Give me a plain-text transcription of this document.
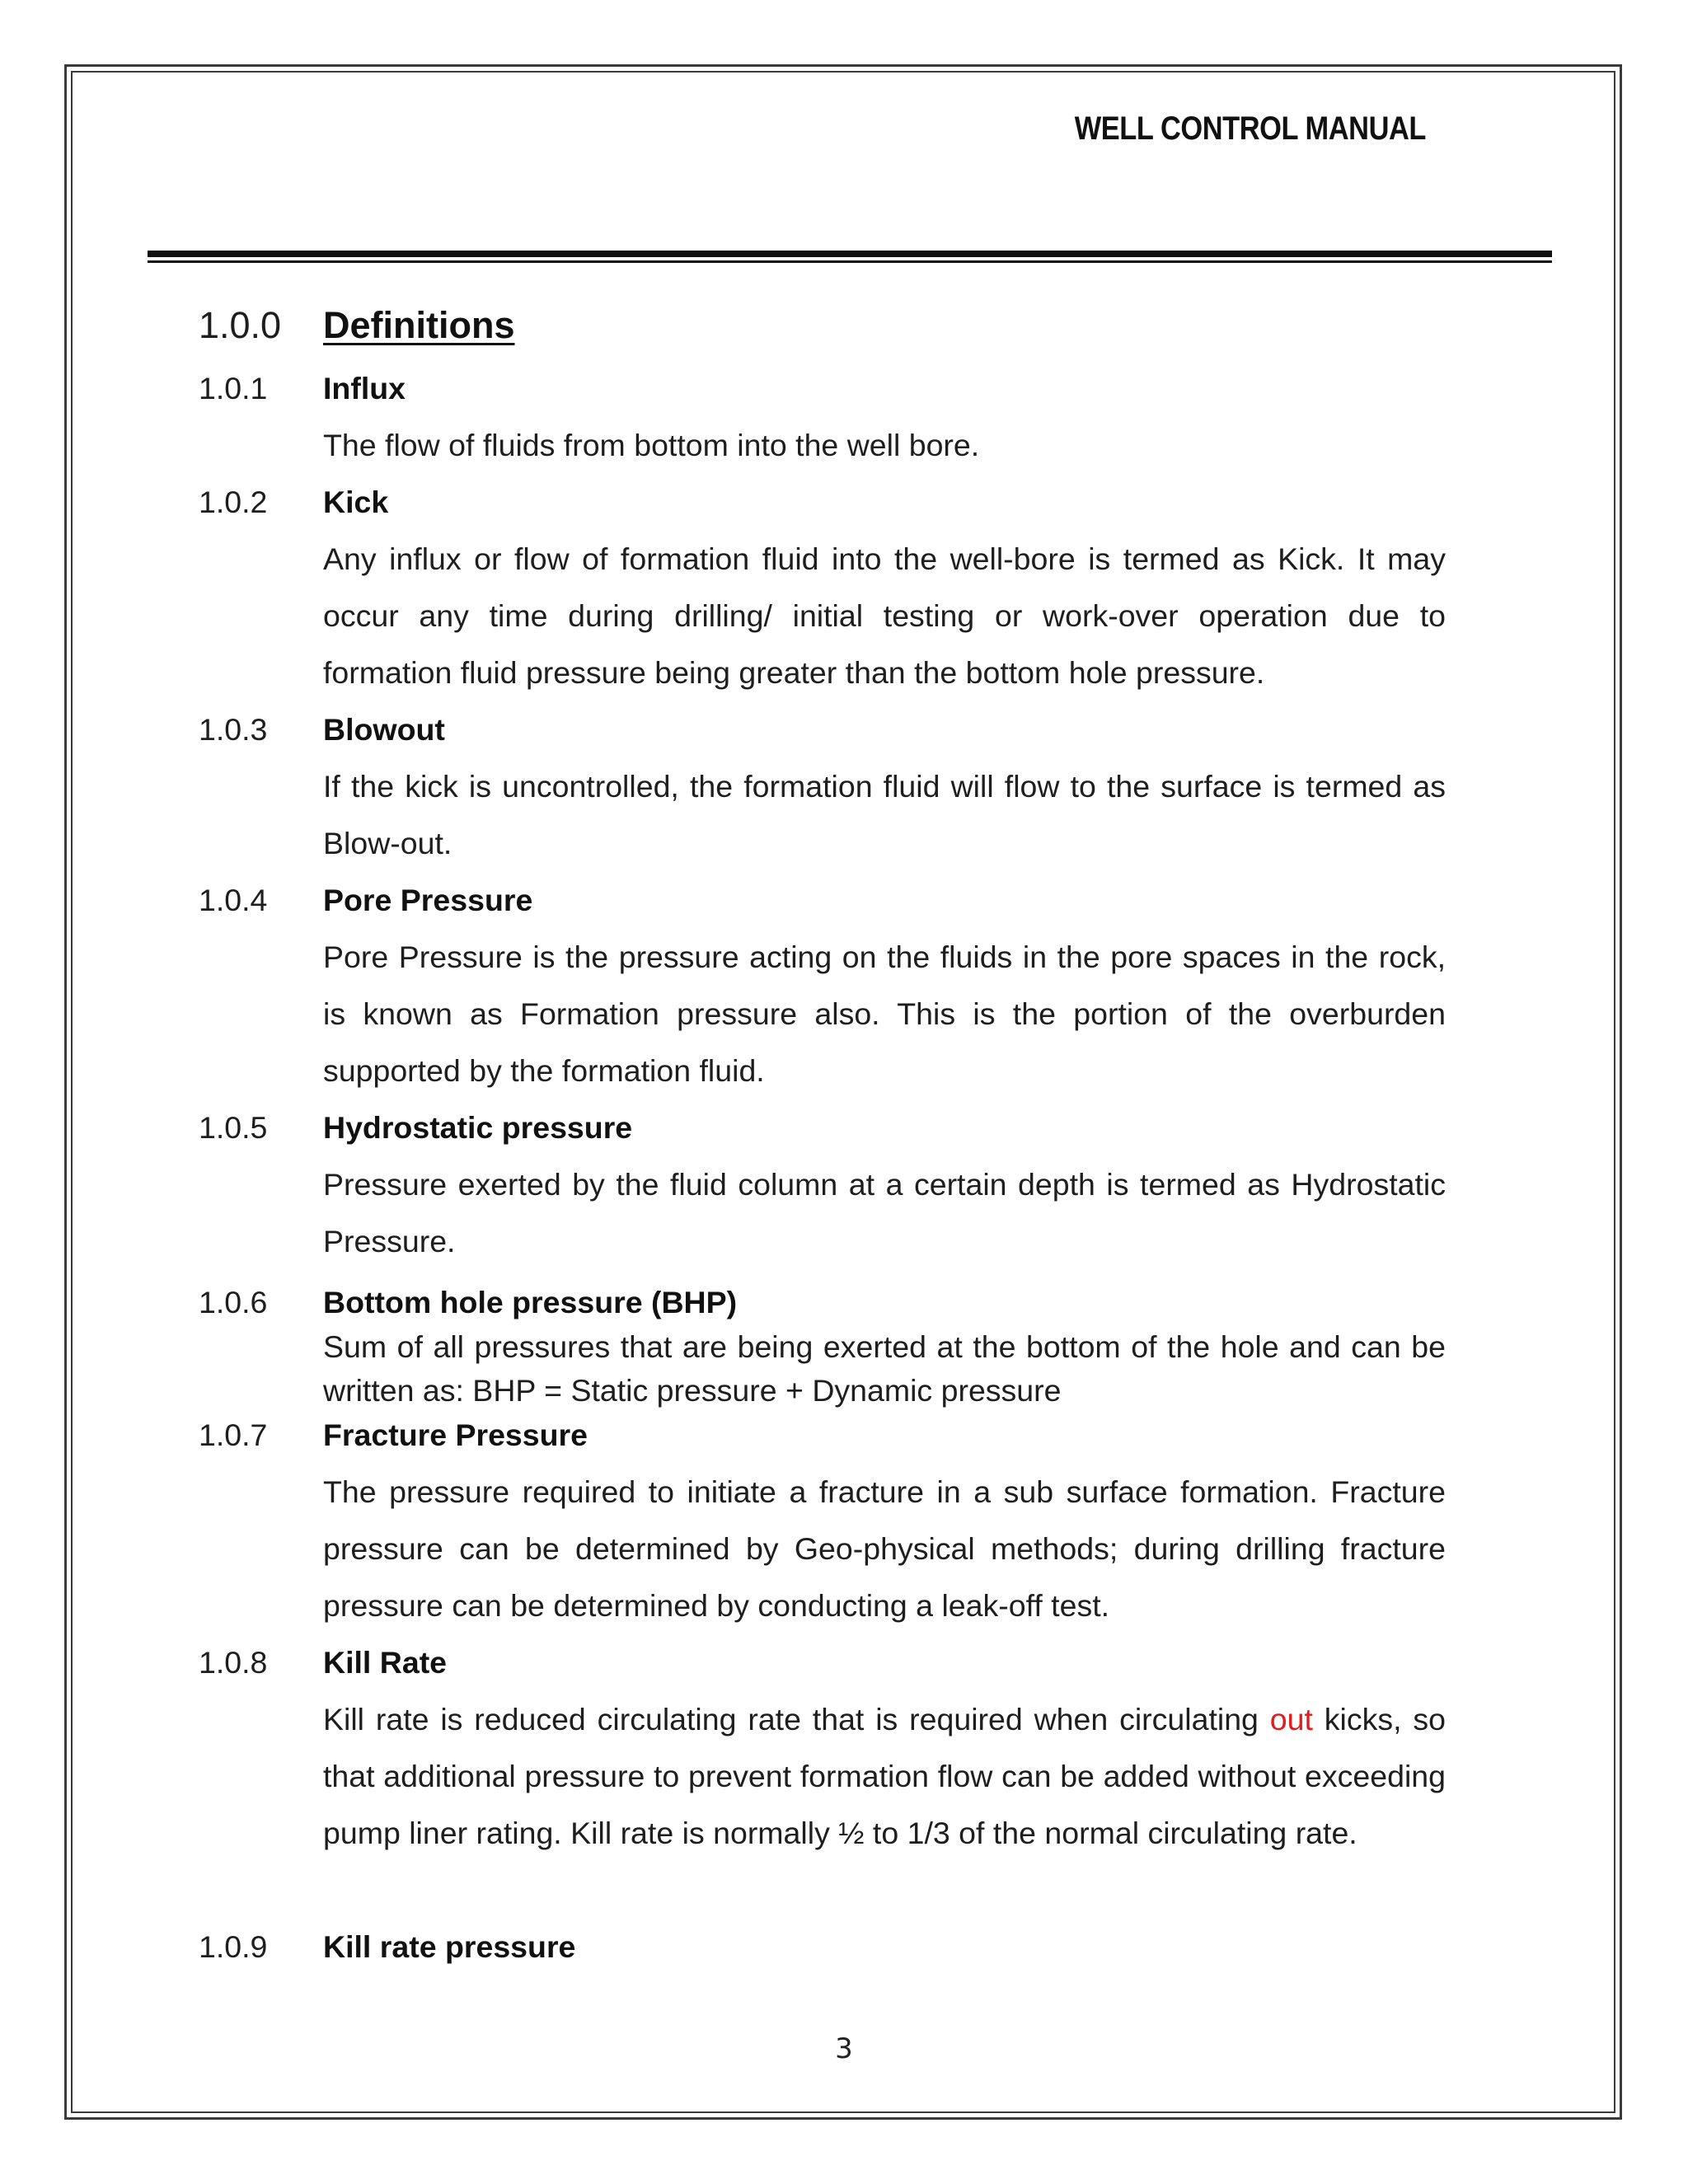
WELL CONTROL MANUAL
1.0.0 Definitions
1.0.1 Influx
The flow of fluids from bottom into the well bore.
1.0.2 Kick
Any influx or flow of formation fluid into the well-bore is termed as Kick. It may occur any time during drilling/ initial testing or work-over operation due to formation fluid pressure being greater than the bottom hole pressure.
1.0.3 Blowout
If the kick is uncontrolled, the formation fluid will flow to the surface is termed as Blow-out.
1.0.4 Pore Pressure
Pore Pressure is the pressure acting on the fluids in the pore spaces in the rock, is known as Formation pressure also. This is the portion of the overburden supported by the formation fluid.
1.0.5 Hydrostatic pressure
Pressure exerted by the fluid column at a certain depth is termed as Hydrostatic Pressure.
1.0.6 Bottom hole pressure (BHP)
Sum of all pressures that are being exerted at the bottom of the hole and can be written as: BHP = Static pressure + Dynamic pressure
1.0.7 Fracture Pressure
The pressure required to initiate a fracture in a sub surface formation. Fracture pressure can be determined by Geo-physical methods; during drilling fracture pressure can be determined by conducting a leak-off test.
1.0.8 Kill Rate
Kill rate is reduced circulating rate that is required when circulating out kicks, so that additional pressure to prevent formation flow can be added without exceeding pump liner rating. Kill rate is normally ½ to 1/3 of the normal circulating rate.
1.0.9 Kill rate pressure
3
